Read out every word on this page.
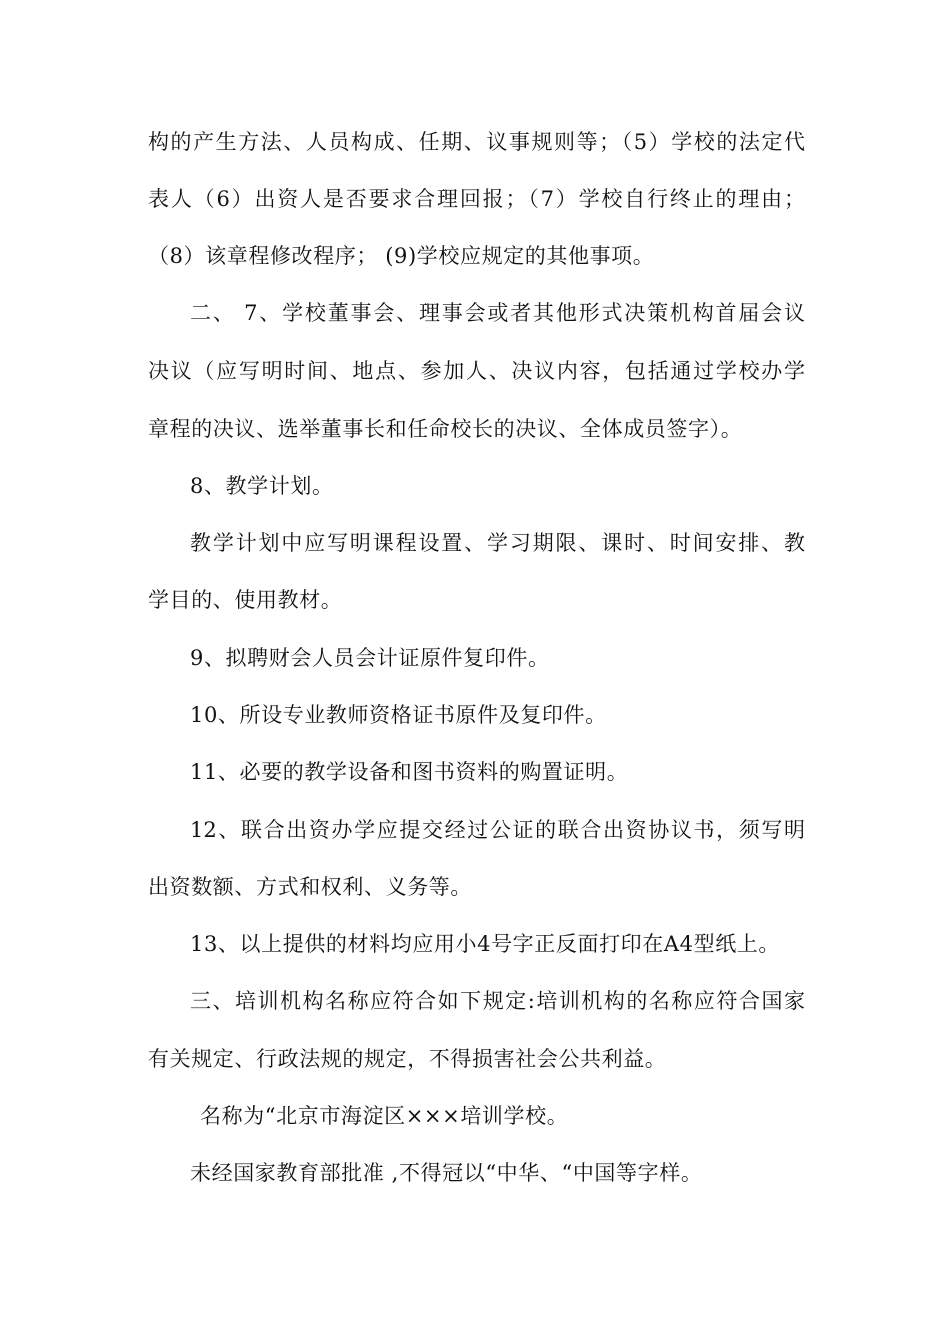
构的产生方法、人员构成、任期、议事规则等；（5）学校的法定代
表人（6）出资人是否要求合理回报；（7）学校自行终止的理由；
（8）该章程修改程序； (9)学校应规定的其他事项。
二、 7、学校董事会、理事会或者其他形式决策机构首届会议
决议（应写明时间、地点、参加人、决议内容，包括通过学校办学
章程的决议、选举董事长和任命校长的决议、全体成员签字）。
8、教学计划。
教学计划中应写明课程设置、学习期限、课时、时间安排、教
学目的、使用教材。
9、拟聘财会人员会计证原件复印件。
10、所设专业教师资格证书原件及复印件。
11、必要的教学设备和图书资料的购置证明。
12、联合出资办学应提交经过公证的联合出资协议书，须写明
出资数额、方式和权利、义务等。
13、以上提供的材料均应用小4号字正反面打印在A4型纸上。
三、培训机构名称应符合如下规定:培训机构的名称应符合国家
有关规定、行政法规的规定，不得损害社会公共利益。
名称为“北京市海淀区×××培训学校。
未经国家教育部批准 ,不得冠以“中华、“中国等字样。
